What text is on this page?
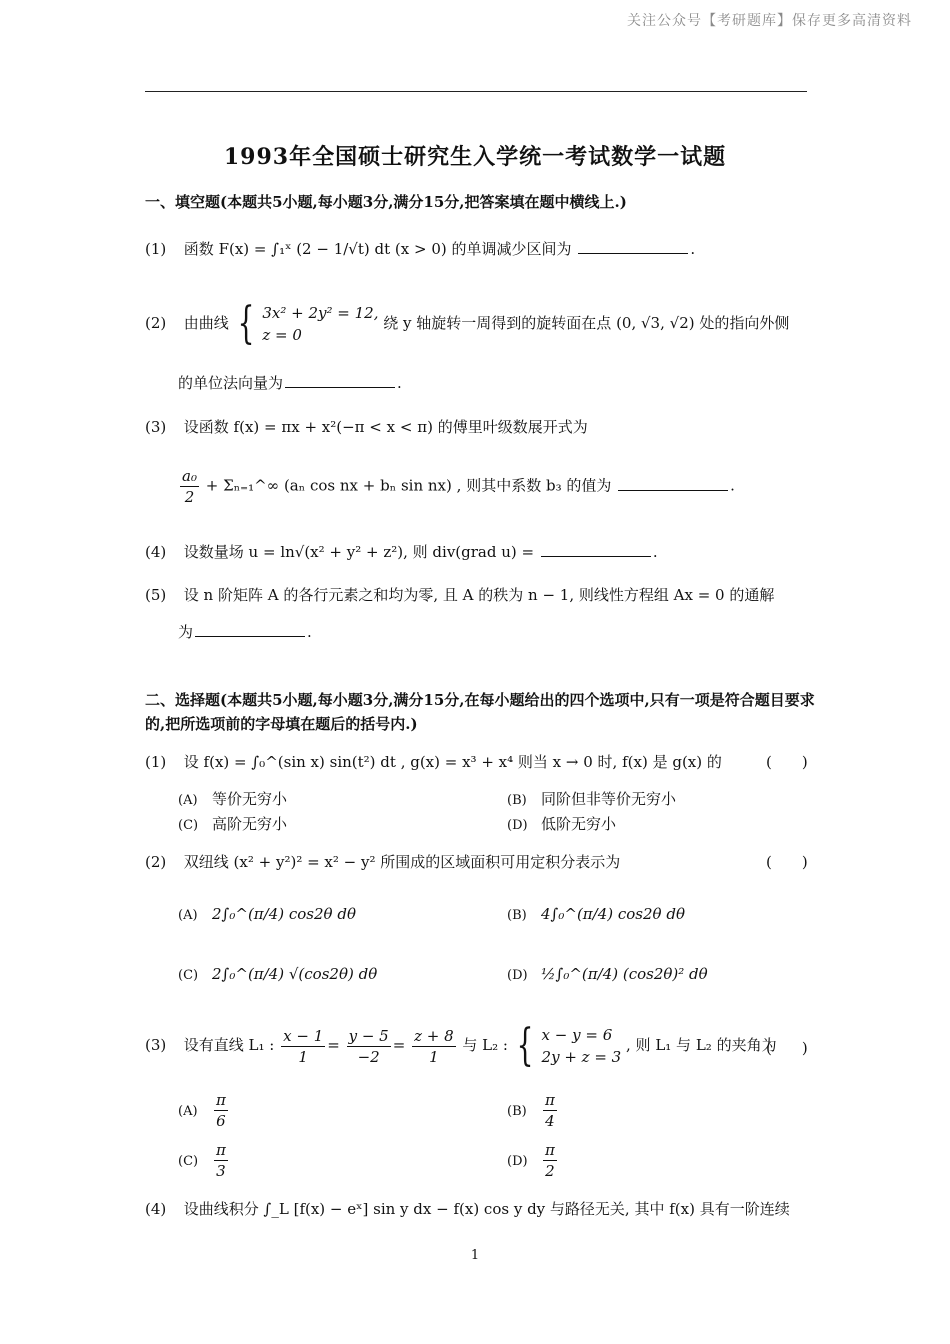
关注公众号【考研题库】保存更多高清资料
1993年全国硕士研究生入学统一考试数学一试题
一、填空题(本题共5小题,每小题3分,满分15分,把答案填在题中横线上.)
(1) 函数 F(x) = ∫₁ˣ (2 − 1/√t) dt (x > 0) 的单调减少区间为	.
(2) 由曲线 { 3x² + 2y² = 12,
z = 0
绕 y 轴旋转一周得到的旋转面在点 (0, √3, √2) 处的指向外侧
的单位法向量为	.
(3) 设函数 f(x) = πx + x²(−π < x < π) 的傅里叶级数展开式为
$\frac{\text{a₀}}{2}$ + Σₙ₌₁^∞ (aₙ cos nx + bₙ sin nx) , 则其中系数 b₃ 的值为	.
(4) 设数量场 u = ln√(x² + y² + z²), 则 div(grad u) =	.
(5) 设 n 阶矩阵 A 的各行元素之和均为零, 且 A 的秩为 n − 1, 则线性方程组 Ax = 0 的通解
为	.
二、选择题(本题共5小题,每小题3分,满分15分,在每小题给出的四个选项中,只有一项是符合题目要求的,把所选项前的字母填在题后的括号内.)
(1) 设 f(x) = ∫₀^(sin x) sin(t²) dt , g(x) = x³ + x⁴ 则当 x → 0 时, f(x) 是 g(x) 的	(　　)
(A) 等价无穷小	(B) 同阶但非等价无穷小
(C) 高阶无穷小	(D) 低阶无穷小
(2) 双纽线 (x² + y²)² = x² − y² 所围成的区域面积可用定积分表示为	(　　)
(A) 2∫₀^(π/4) cos2θ dθ	(B) 4∫₀^(π/4) cos2θ dθ
(C) 2∫₀^(π/4) √(cos2θ) dθ	(D) ½∫₀^(π/4) (cos2θ)² dθ
(3) 设有直线 L₁ : $\frac{x - 1}{1} = \frac{y - 5}{-2} = \frac{z + 8}{1}$ 与 L₂ : { x − y = 6
2y + z = 3
, 则 L₁ 与 L₂ 的夹角为
(　　)
$(A) \frac{\pi}{6}$	$(B) \frac{\pi}{4}$
$(C) \frac{\pi}{3}$	$(D) \frac{\pi}{2}$
(4) 设曲线积分 ∫_L [f(x) − eˣ] sin y dx − f(x) cos y dy 与路径无关, 其中 f(x) 具有一阶连续
1
